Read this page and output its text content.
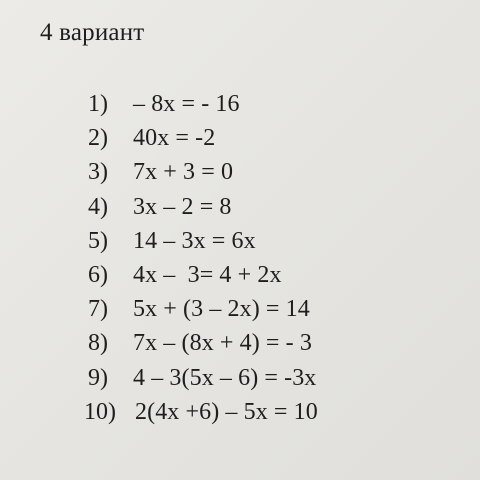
4 вариант
1) – 8х = - 16
2) 40х = -2
3) 7х + 3 = 0
4) 3х – 2 = 8
5) 14 – 3х = 6х
6) 4х –  3= 4 + 2х
7) 5х + (3 – 2х) = 14
8) 7х – (8х + 4) = - 3
9) 4 – 3(5х – 6) = -3х
10) 2(4х +6) – 5х = 10
